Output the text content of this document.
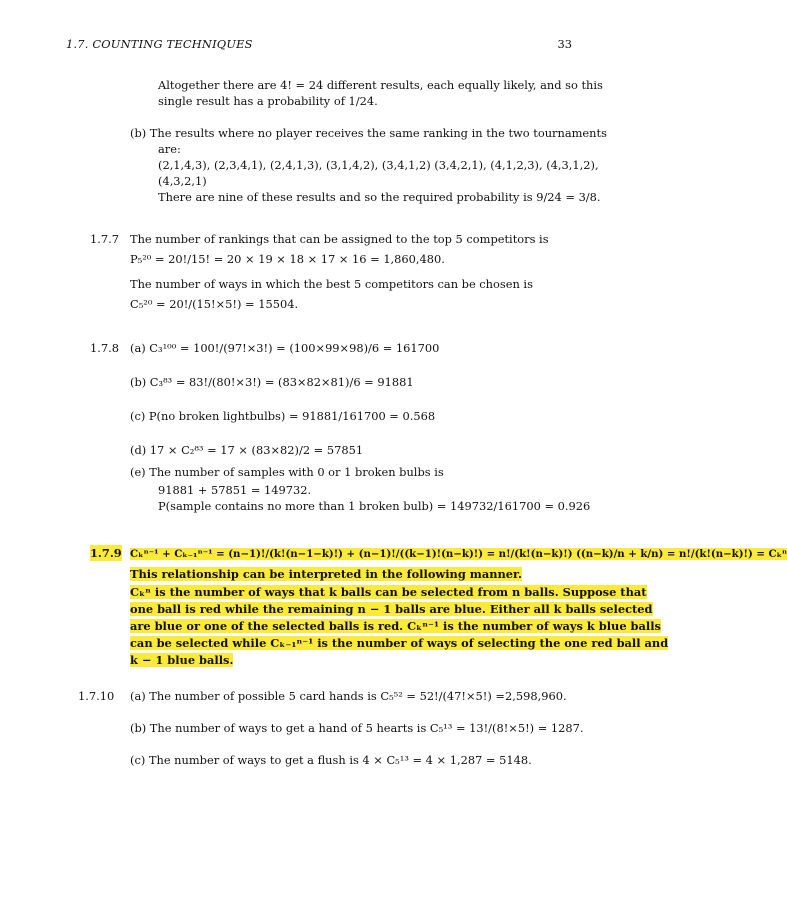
1.7. COUNTING TECHNIQUES	33
Altogether there are 4! = 24 different results, each equally likely, and so this
single result has a probability of 1/24.
(b) The results where no player receives the same ranking in the two tournaments
are:
(2,1,4,3), (2,3,4,1), (2,4,1,3), (3,1,4,2), (3,4,1,2) (3,4,2,1), (4,1,2,3), (4,3,1,2),
(4,3,2,1)
There are nine of these results and so the required probability is 9/24 = 3/8.
The number of rankings that can be assigned to the top 5 competitors is
P₅²⁰ = 20!/15! = 20 × 19 × 18 × 17 × 16 = 1,860,480.
The number of ways in which the best 5 competitors can be chosen is
C₅²⁰ = 20!/(15!×5!) = 15504.
(a) C₃¹⁰⁰ = 100!/(97!×3!) = (100×99×98)/6 = 161700
(b) C₃⁸³ = 83!/(80!×3!) = (83×82×81)/6 = 91881
(c) P(no broken lightbulbs) = 91881/161700 = 0.568
(d) 17 × C₂⁸³ = 17 × (83×82)/2 = 57851
(e) The number of samples with 0 or 1 broken bulbs is
91881 + 57851 = 149732.
P(sample contains no more than 1 broken bulb) = 149732/161700 = 0.926
(a) The number of possible 5 card hands is C₅⁵² = 52!/(47!×5!) =2,598,960.
(b) The number of ways to get a hand of 5 hearts is C₅¹³ = 13!/(8!×5!) = 1287.
(c) The number of ways to get a flush is 4 × C₅¹³ = 4 × 1,287 = 5148.
1.7.7
1.7.8
1.7.9
1.7.10
Cₖⁿ⁻¹ + Cₖ₋₁ⁿ⁻¹ = (n−1)!/(k!(n−1−k)!) + (n−1)!/((k−1)!(n−k)!) = n!/(k!(n−k)!) ((n−k)/n + k/n) = n!/(k!(n−k)!) = Cₖⁿ
This relationship can be interpreted in the following manner.
Cₖⁿ is the number of ways that k balls can be selected from n balls. Suppose that
one ball is red while the remaining n − 1 balls are blue. Either all k balls selected
are blue or one of the selected balls is red. Cₖⁿ⁻¹ is the number of ways k blue balls
can be selected while Cₖ₋₁ⁿ⁻¹ is the number of ways of selecting the one red ball and
k − 1 blue balls.
